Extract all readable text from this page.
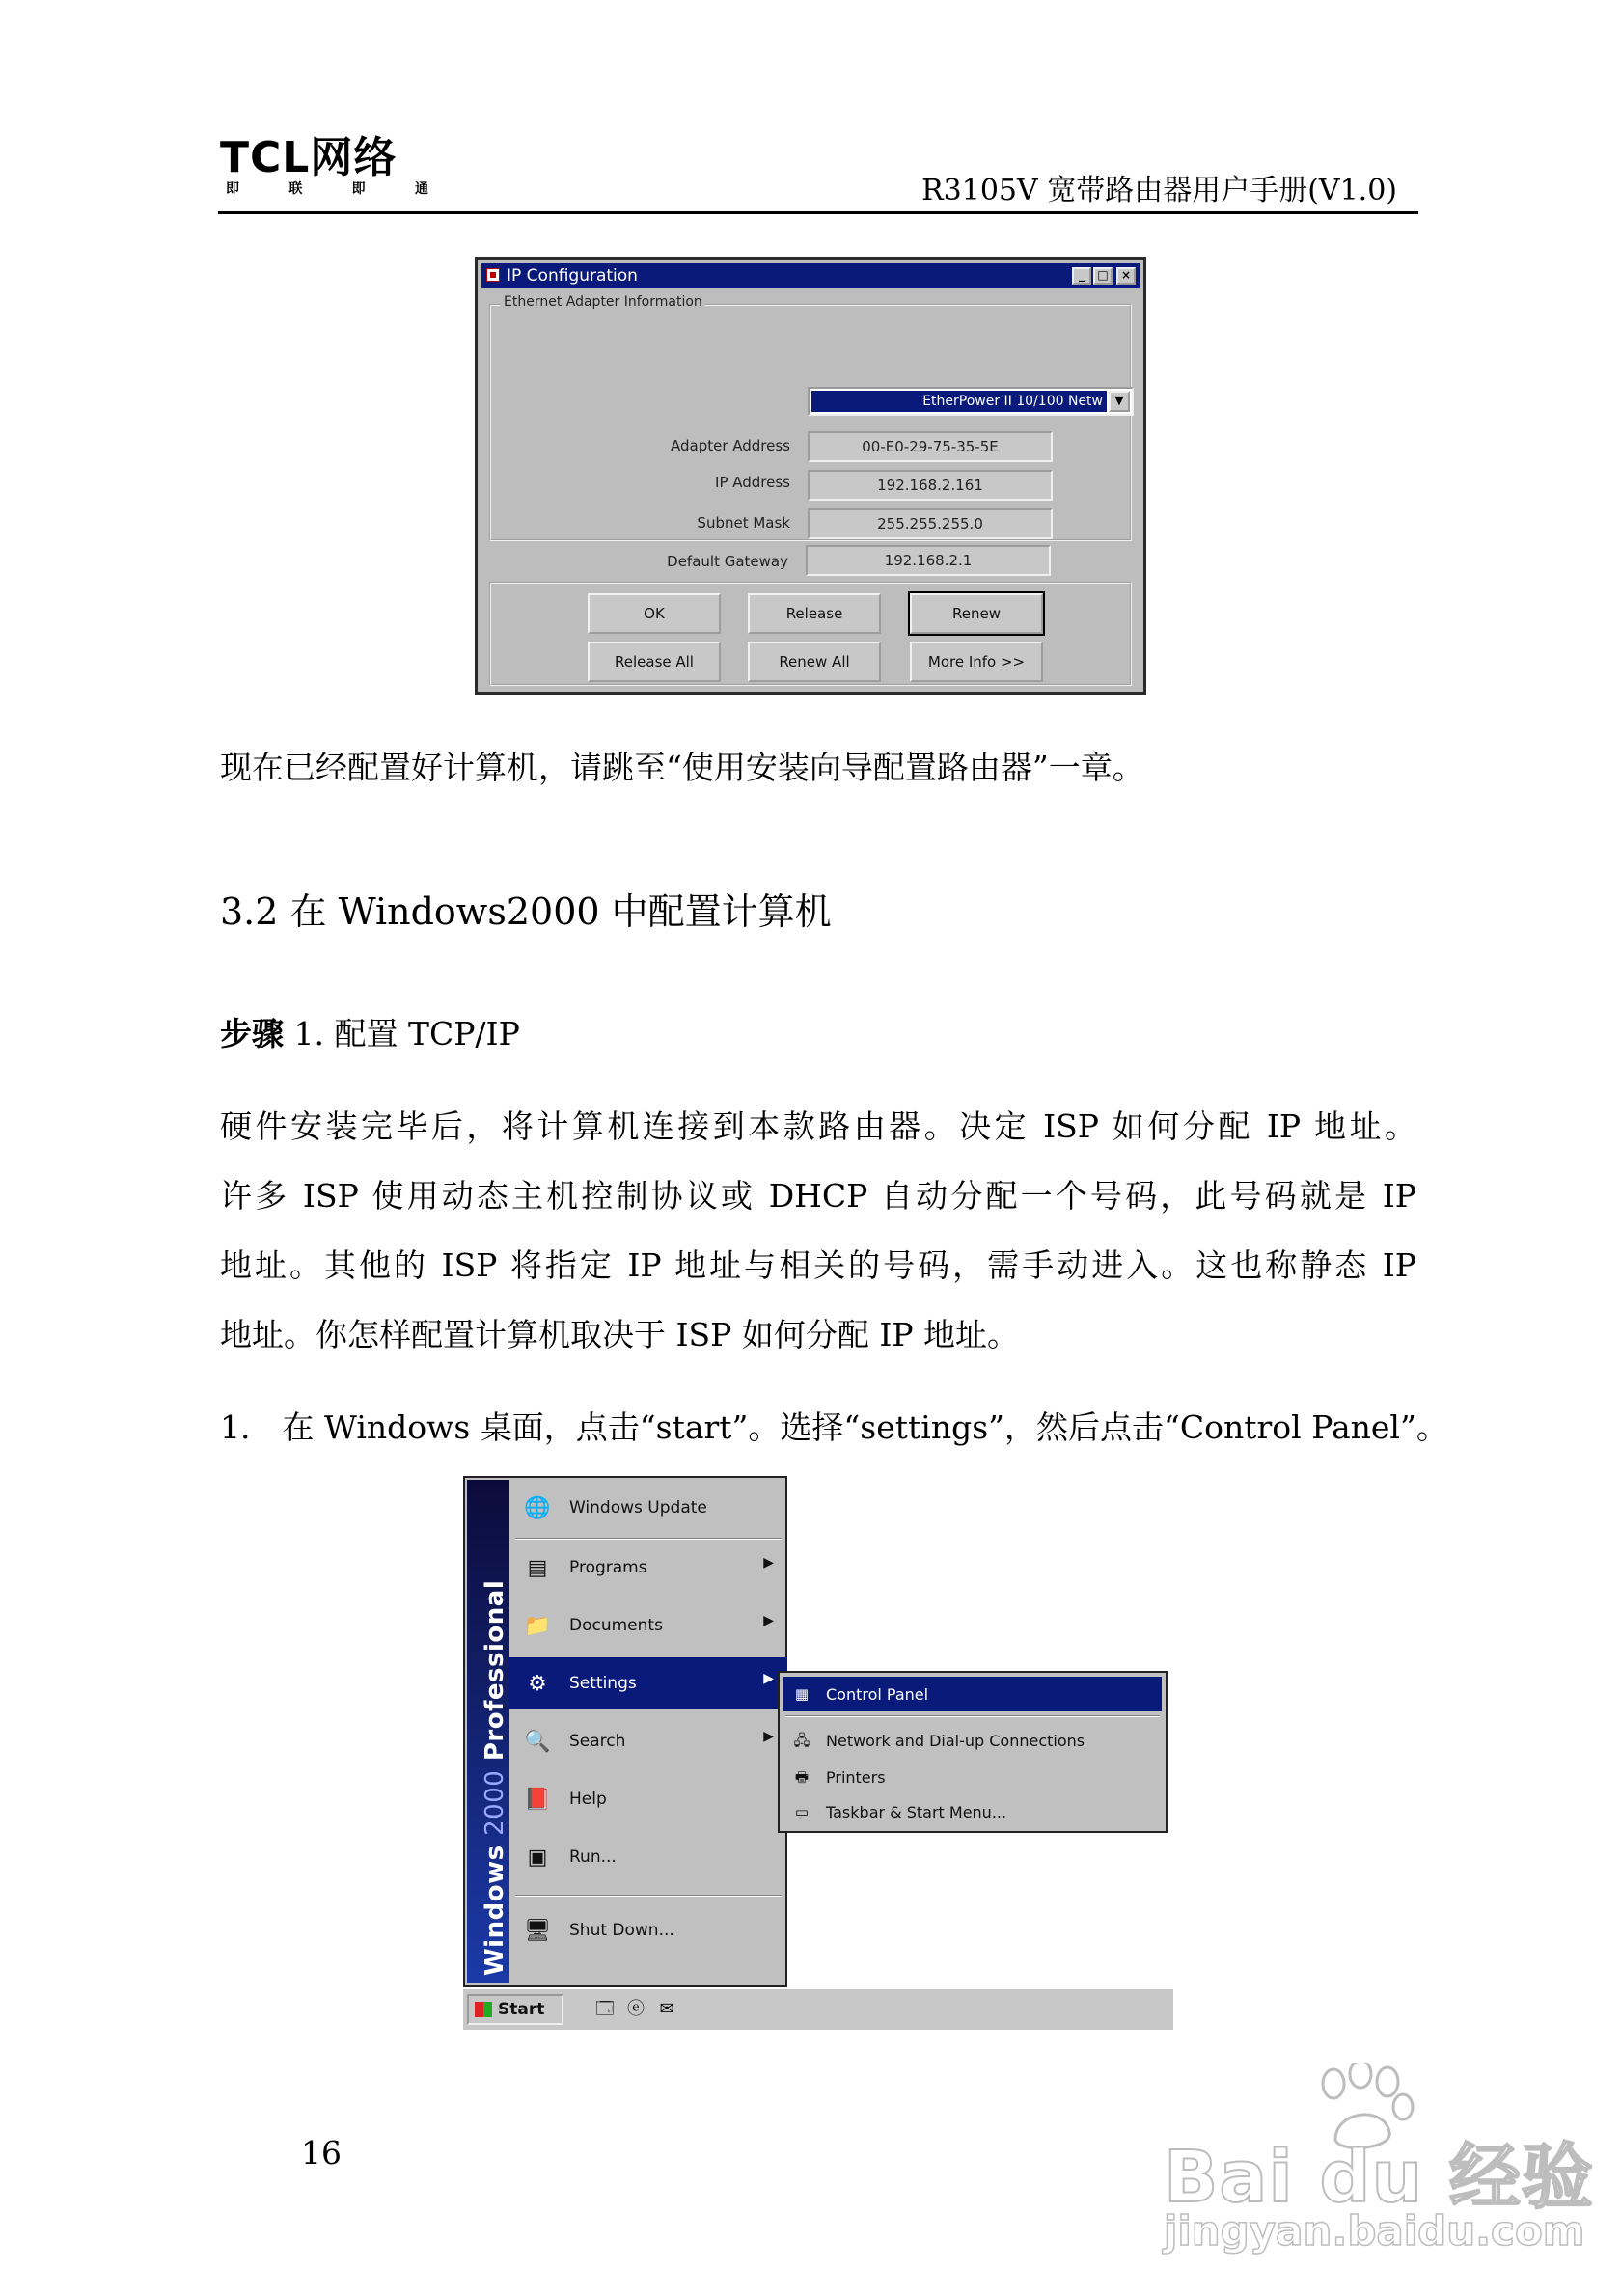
TCL网络
即	联	即	通	R3105V 宽带路由器用户手册(V1.0)
IP Configuration	_	□	×
Ethernet Adapter Information
EtherPower II 10/100 Netw	▼
Adapter Address	00-E0-29-75-35-5E
IP Address	192.168.2.161
Subnet Mask	255.255.255.0
Default Gateway	192.168.2.1
OK	Release	Renew
Release All	Renew All	More Info >>
现在已经配置好计算机，请跳至“使用安装向导配置路由器”一章。
3.2 在 Windows2000 中配置计算机
步骤 1. 配置 TCP/IP
硬件安装完毕后，将计算机连接到本款路由器。决定 ISP 如何分配 IP 地址。
许多 ISP 使用动态主机控制协议或 DHCP 自动分配一个号码，此号码就是 IP
地址。其他的 ISP 将指定 IP 地址与相关的号码，需手动进入。这也称静态 IP
地址。你怎样配置计算机取决于 ISP 如何分配 IP 地址。
1.　在 Windows 桌面，点击“start”。选择“settings”，然后点击“Control Panel”。
Windows 2000 Professional
🌐 Windows Update
▤	Programs	▶
📁 Documents	▶
⚙	Settings	▶
🔍 Search	▶
📕 Help
▣	Run...
🖥 Shut Down...
▦ Control Panel
🖧 Network and Dial-up Connections
🖶 Printers
▭ Taskbar & Start Menu...
Start	🗔 ⓔ ✉
16	Bai du 经验
jingyan.baidu.com
